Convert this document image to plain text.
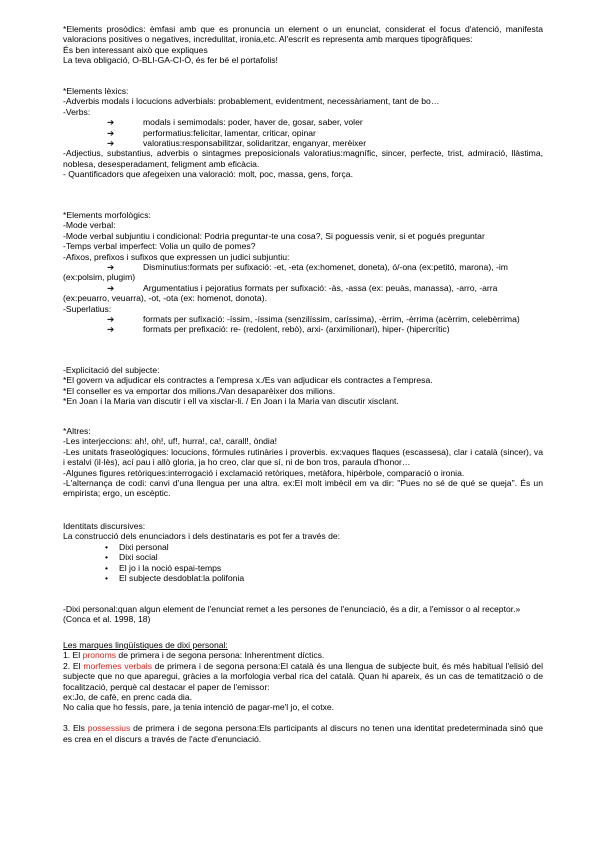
*Elements prosòdics: èmfasi amb que es pronuncia un element o un enunciat, considerat el focus d'atenció, manifesta valoracions positives o negatives, incredulitat, ironia,etc. Al'escrit es representa amb marques tipogràfiques:

És ben interessant això que expliques

La teva obligació, O-BLI-GA-CI-Ó, és fer bé el portafolis!

*Elements lèxics:

-Adverbis modals i locucions adverbials: probablement, evidentment, necessàriament, tant de bo…

-Verbs:

➔	modals i semimodals: poder, haver de, gosar, saber, voler
➔	performatius:felicitar, lamentar, criticar, opinar
➔	valoratius:responsabilitzar, solidaritzar, enganyar, merèixer

-Adjectius, substantius, adverbis o sintagmes preposicionals valoratius:magnífic, sincer, perfecte, trist, admiració, llàstima, noblesa, desesperadament, feligment amb eficàcia.

- Quantificadors que afegeixen una valoració: molt, poc, massa, gens, força.

*Elements morfològics:

-Mode verbal:

-Mode verbal subjuntiu i condicional: Podria preguntar-te una cosa?, Si poguessis venir, si et pogués preguntar

-Temps verbal imperfect: Volia un quilo de pomes?

-Afixos, prefixos i sufixos que expressen un judici subjuntiu:

➔	Disminutius:formats per sufixació: -et, -eta (ex:homenet, doneta), ó/-ona (ex:petitó, marona), -im

(ex:polsim, plugim)

➔	Argumentatius i pejoratius formats per sufixació: -às, -assa (ex: peuàs, manassa), -arro, -arra

(ex:peuarro, veuarra), -ot, -ota (ex: homenot, donota).

-Superlatius:

➔	formats per sufixació: -íssim, -íssima (senzilíssim, caríssima), -èrrim, -èrrima (acèrrim, celebèrrima)
➔	formats per prefixació: re- (redolent, rebò), arxi- (arximilionari), hiper- (hipercrític)

-Explicitació del subjecte:

*El govern va adjudicar els contractes a l'empresa x./Es van adjudicar els contractes a l'empresa.

*El conseller es va emportar dos milions./Van desaparèixer dos milions.

*En Joan i la Maria van discutir i ell va xisclar-li. / En Joan i la Maria van discutir xisclant.

*Altres:

-Les interjeccions: ah!, oh!, uf!, hurra!, ca!, carall!, òndia!

-Les unitats fraseològiques: locucions, fórmules rutinàries i proverbis. ex:vaques flaques (escassesa), clar i català (sincer), va i estalvi (il·lès), ací pau i allò gloria, ja ho creo, clar que sí, ni de bon tros, paraula d'honor…

-Algunes figures retòriques:interrogació i exclamació retòriques, metàfora, hipèrbole, comparació o ironia.

-L'alternança de codi: canvi d'una llengua per una altra. ex:El molt imbècil em va dir: "Pues no sé de qué se queja". És un empirista; ergo, un escèptic.

Identitats discursives:

La construcció dels enunciadors i dels destinataris es pot fer a través de:

• Dixi personal
• Dixi social
• El jo i la noció espai-temps
• El subjecte desdoblat:la polifonia

-Dixi personal:quan algun element de l'enunciat remet a les persones de l'enunciació, és a dir, a l'emissor o al receptor.» (Conca et al. 1998, 18)

Les marques lingüístiques de dixi personal:

1. El pronoms de primera i de segona persona: Inherentment díctics.

2. El morfemes verbals de primera i de segona persona:El català és una llengua de subjecte buit, és més habitual l'elisió del subjecte que no que aparegui, gràcies a la morfologia verbal rica del català. Quan hi apareix, és un cas de tematització o de focalització, perquè cal destacar el paper de l'emissor:

ex:Jo, de cafè, en prenc cada dia.

No calia que ho fessis, pare, ja tenia intenció de pagar-me'l jo, el cotxe.

3. Els possessius de primera i de segona persona:Els participants al discurs no tenen una identitat predeterminada sinó que es crea en el discurs a través de l'acte d'enunciació.
